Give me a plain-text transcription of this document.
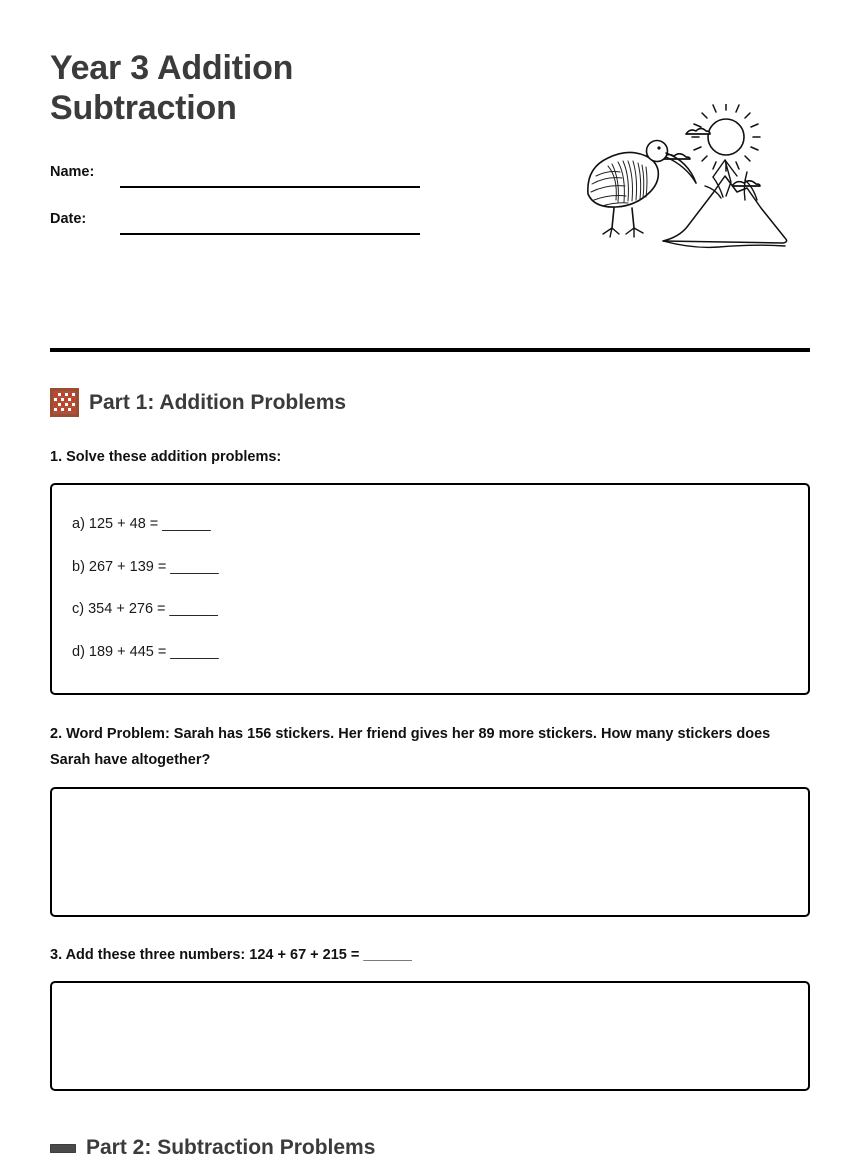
Year 3 Addition Subtraction
Name:
Date:
Part 1: Addition Problems
1. Solve these addition problems:
a) 125 + 48 = ______
b) 267 + 139 = ______
c) 354 + 276 = ______
d) 189 + 445 = ______
2. Word Problem: Sarah has 156 stickers. Her friend gives her 89 more stickers. How many stickers does Sarah have altogether?
3. Add these three numbers: 124 + 67 + 215 = ______
Part 2: Subtraction Problems
